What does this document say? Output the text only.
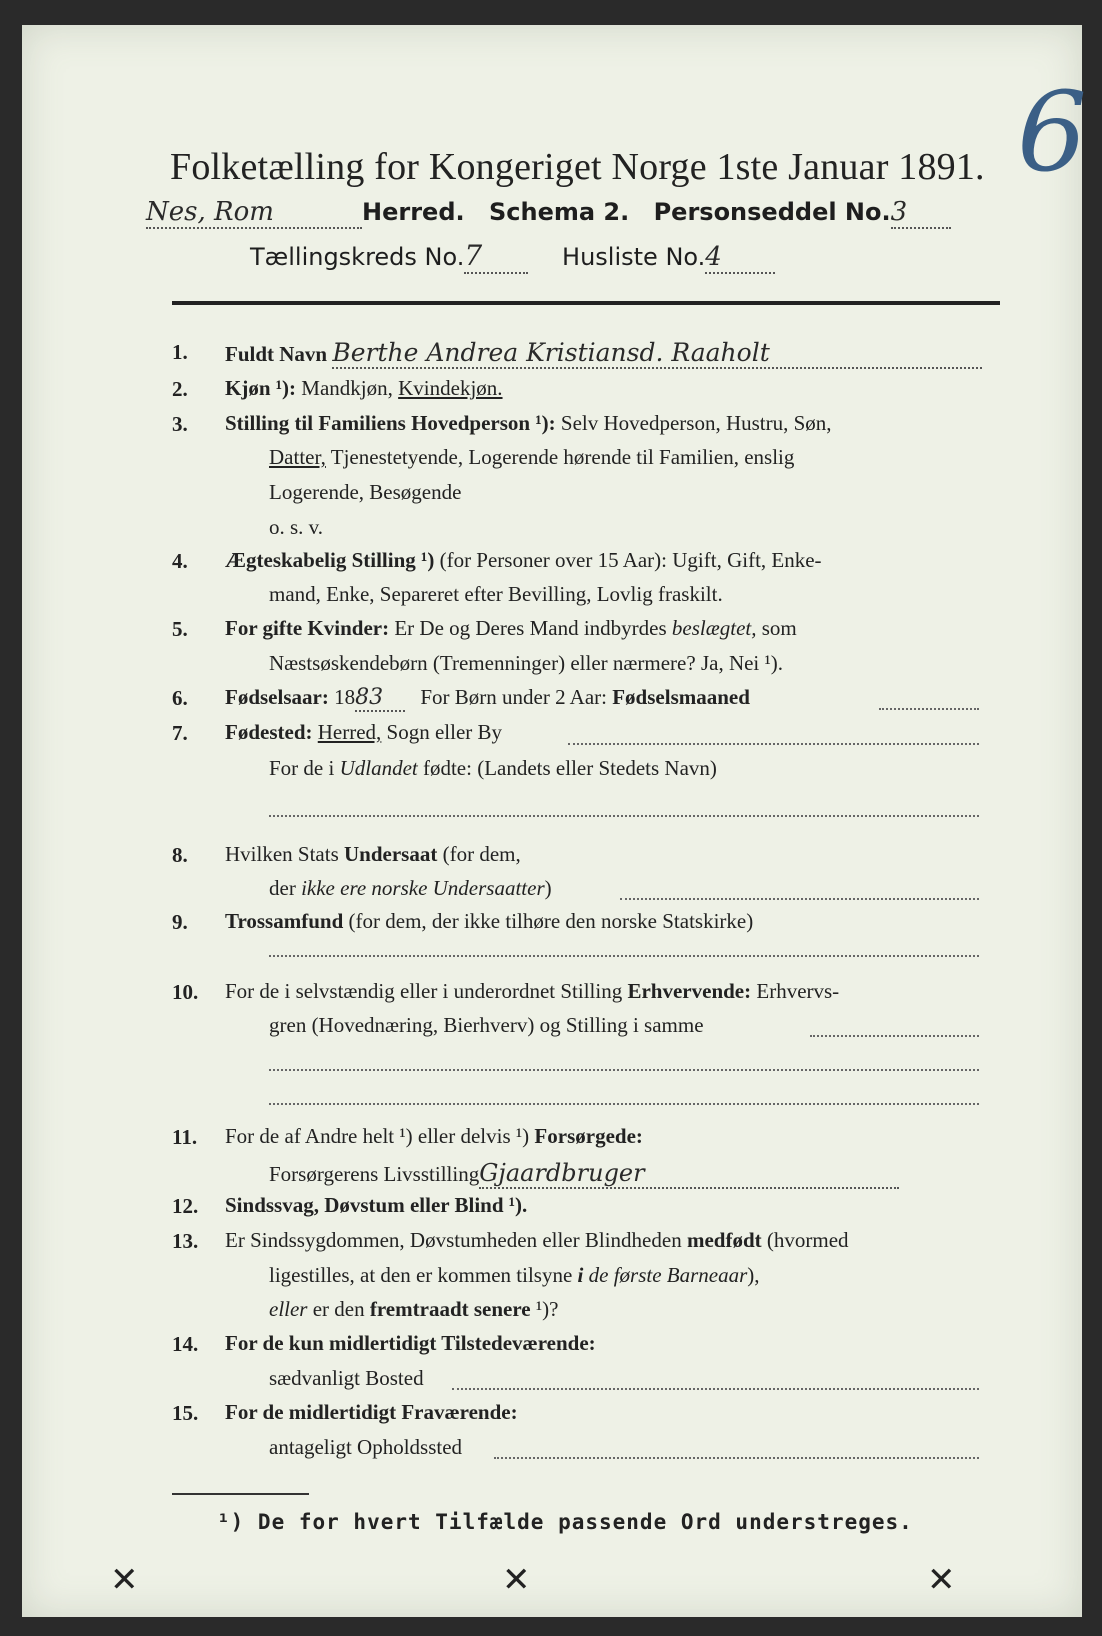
6
Folketælling for Kongeriget Norge 1ste Januar 1891.
Nes, Rom	Herred. Schema 2. Personseddel No.3
Tællingskreds No.7	Husliste No.4
1. Fuldt Navn Berthe Andrea Kristiansd. Raaholt
2. Kjøn ¹): Mandkjøn, Kvindekjøn.
3. Stilling til Familiens Hovedperson ¹): Selv Hovedperson, Hustru, Søn,
Datter, Tjenestetyende, Logerende hørende til Familien, enslig
Logerende, Besøgende
o. s. v.
4. Ægteskabelig Stilling ¹) (for Personer over 15 Aar): Ugift, Gift, Enke-
mand, Enke, Separeret efter Bevilling, Lovlig fraskilt.
5. For gifte Kvinder: Er De og Deres Mand indbyrdes beslægtet, som
Næstsøskendebørn (Tremenninger) eller nærmere? Ja, Nei ¹).
6. Fødselsaar: 1883 For Børn under 2 Aar: Fødselsmaaned
7. Fødested: Herred, Sogn eller By
For de i Udlandet fødte: (Landets eller Stedets Navn)
8. Hvilken Stats Undersaat (for dem,
der ikke ere norske Undersaatter)
9. Trossamfund (for dem, der ikke tilhøre den norske Statskirke)
10. For de i selvstændig eller i underordnet Stilling Erhvervende: Erhvervs-
gren (Hovednæring, Bierhverv) og Stilling i samme
11. For de af Andre helt ¹) eller delvis ¹) Forsørgede:
Forsørgerens LivsstillingGjaardbruger
12. Sindssvag, Døvstum eller Blind ¹).
13. Er Sindssygdommen, Døvstumheden eller Blindheden medfødt (hvormed
ligestilles, at den er kommen tilsyne i de første Barneaar),
eller er den fremtraadt senere ¹)?
14. For de kun midlertidigt Tilstedeværende:
sædvanligt Bosted
15. For de midlertidigt Fraværende:
antageligt Opholdssted
¹) De for hvert Tilfælde passende Ord understreges.
✕	✕	✕
